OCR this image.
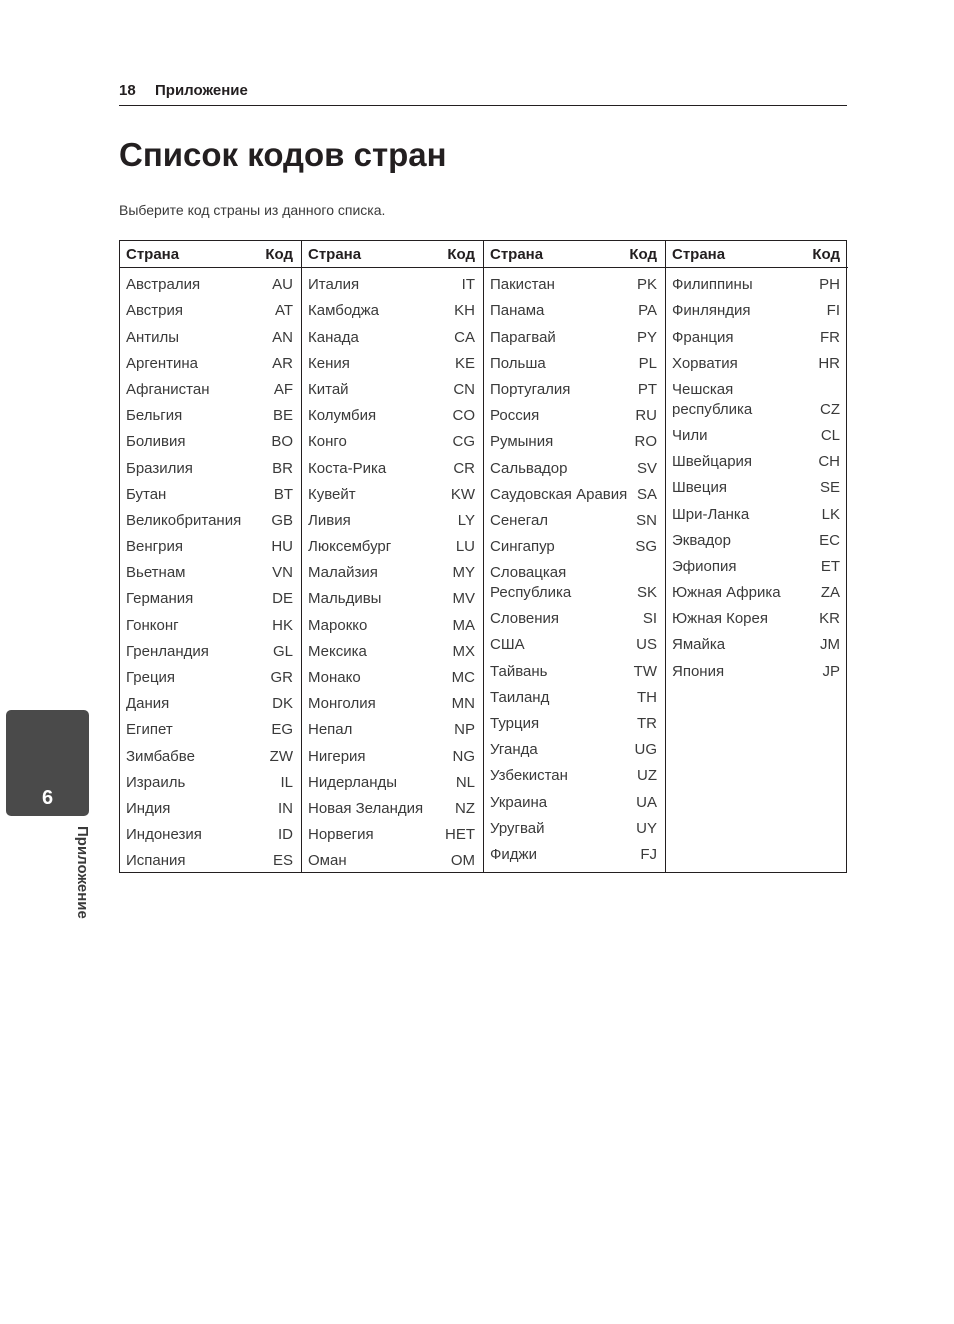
18 Приложение
Список кодов стран
Выберите код страны из данного списка.
Страна	Код
Австралия	AU
Австрия	AT
Антилы	AN
Аргентина	AR
Афганистан	AF
Бельгия	BE
Боливия	BO
Бразилия	BR
Бутан	BT
Великобритания GB
Венгрия	HU
Вьетнам	VN
Германия	DE
Гонконг	HK
Гренландия	GL
Греция	GR
Дания	DK
Египет	EG
Зимбабве	ZW
Израиль	IL
Индия	IN
Индонезия	ID
Испания	ES
Страна	Код
Италия	IT
Камбоджа	KH
Канада	CA
Кения	KE
Китай	CN
Колумбия	CO
Конго	CG
Коста-Рика	CR
Кувейт	KW
Ливия	LY
Люксембург	LU
Малайзия	MY
Мальдивы	MV
Марокко	MA
Мексика	MX
Монако	MC
Монголия	MN
Непал	NP
Нигерия	NG
Нидерланды	NL
Новая Зеландия NZ
Норвегия	НЕТ
Оман	OM
Страна	Код
Пакистан	PK
Панама	PA
Парагвай	PY
Польша	PL
Португалия	PT
Россия	RU
Румыния	RO
Сальвадор	SV
Саудовская Аравия SA
Сенегал	SN
Сингапур	SG
Словацкая Республика	SK
Словения	SI
США	US
Тайвань	TW
Таиланд	TH
Турция	TR
Уганда	UG
Узбекистан	UZ
Украина	UA
Уругвай	UY
Фиджи	FJ
Страна	Код
Филиппины	PH
Финляндия	FI
Франция	FR
Хорватия	HR
Чешская республика	CZ
Чили	CL
Швейцария	CH
Швеция	SE
Шри-Ланка	LK
Эквадор	EC
Эфиопия	ET
Южная Африка	ZA
Южная Корея	KR
Ямайка	JM
Япония	JP
6
Приложение
